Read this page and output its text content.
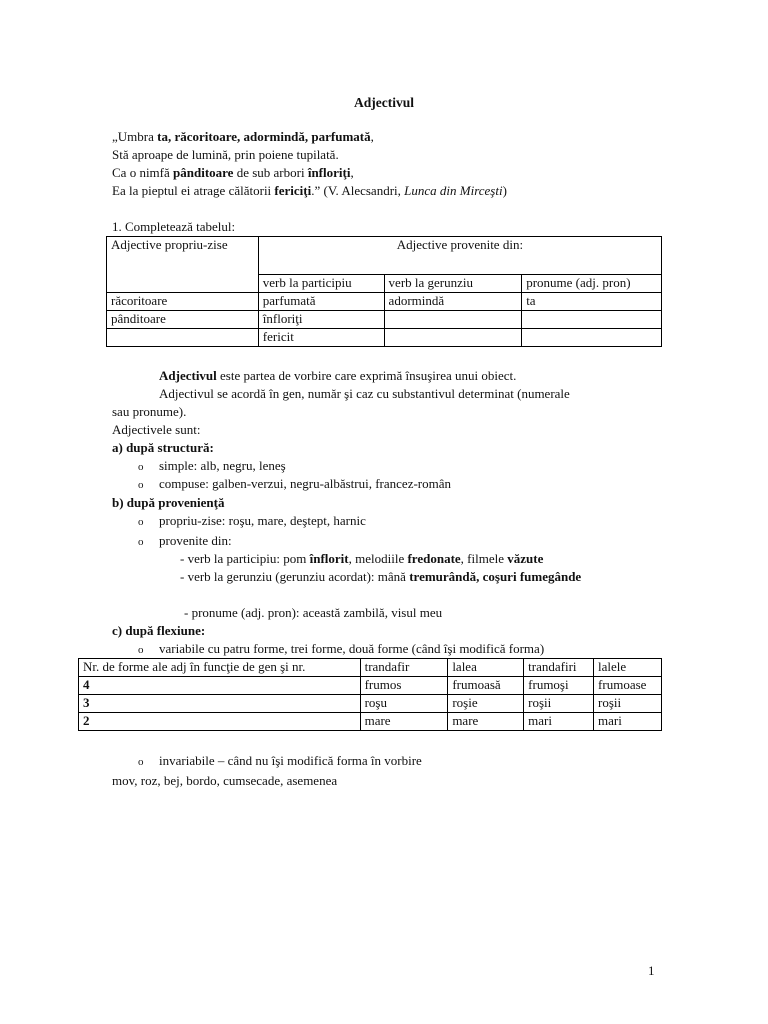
Adjectivul
„Umbra ta, răcoritoare, adormindă, parfumată,
Stă aproape de lumină, prin poiene tupilată.
Ca o nimfă pânditoare de sub arbori înfloriţi,
Ea la pieptul ei atrage călătorii fericiţi.” (V. Alecsandri, Lunca din Mirceşti)
1. Completează tabelul:
Adjective propriu-zise	Adjective provenite din:		
	verb la participiu	verb la gerunziu	pronume (adj. pron)
răcoritoare	parfumată	adormindă	ta
pânditoare	înfloriţi		
	fericit		
Adjectivul este partea de vorbire care exprimă însuşirea unui obiect.
Adjectivul se acordă în gen, număr şi caz cu substantivul determinat (numerale
sau pronume).
Adjectivele sunt:
a) după structură:
o simple: alb, negru, leneş
o compuse: galben-verzui, negru-albăstrui, francez-român
b) după provenienţă
o propriu-zise: roşu, mare, deştept, harnic
o provenite din:
- verb la participiu: pom înflorit, melodiile fredonate, filmele văzute
- verb la gerunziu (gerunziu acordat): mână tremurândă, coşuri fumegânde
- pronume (adj. pron): această zambilă, visul meu
c) după flexiune:
o variabile cu patru forme, trei forme, două forme (când îşi modifică forma)
Nr. de forme ale adj în funcţie de gen şi nr.	trandafir	lalea	trandafiri	lalele
4	frumos	frumoasă	frumoşi	frumoase
3	roşu	roşie	roşii	roşii
2	mare	mare	mari	mari
o invariabile – când nu îşi modifică forma în vorbire
mov, roz, bej, bordo, cumsecade, asemenea
1
